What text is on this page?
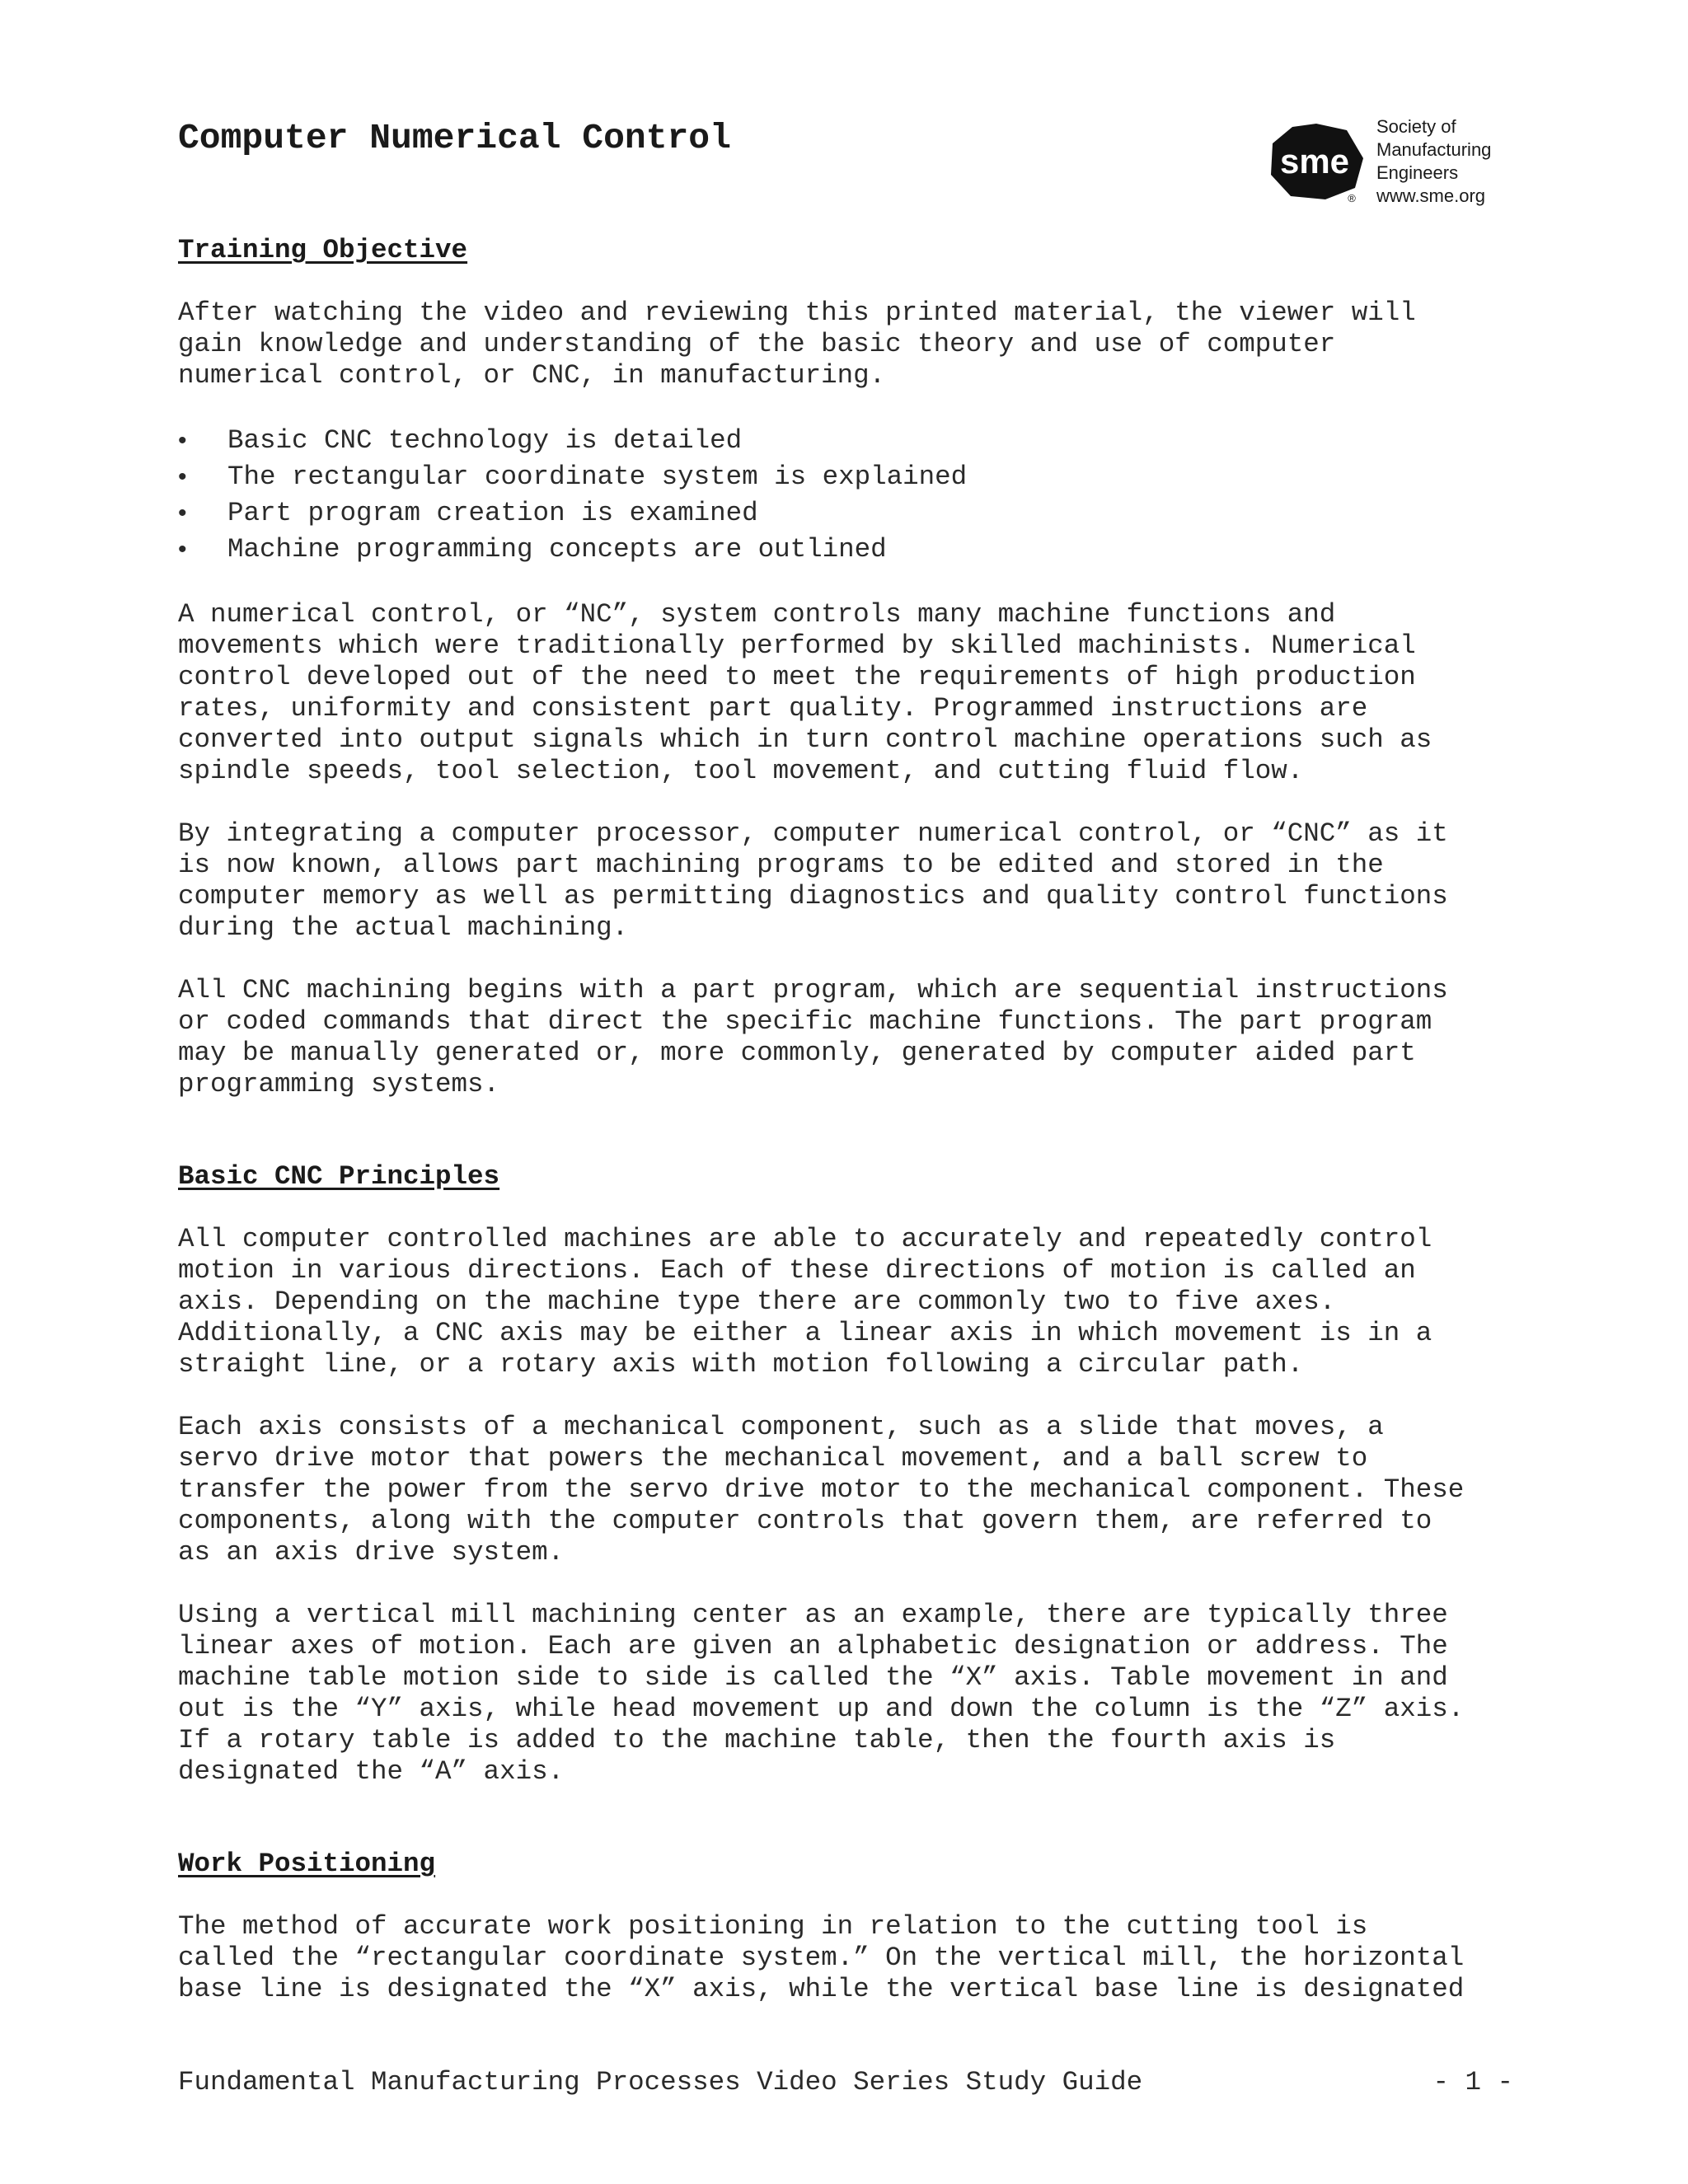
Computer Numerical Control
sme
®
Society of
Manufacturing
Engineers
www.sme.org
Training Objective

After watching the video and reviewing this printed material, the viewer will
gain knowledge and understanding of the basic theory and use of computer
numerical control, or CNC, in manufacturing.

• Basic CNC technology is detailed
• The rectangular coordinate system is explained
• Part program creation is examined
• Machine programming concepts are outlined

A numerical control, or “NC”, system controls many machine functions and
movements which were traditionally performed by skilled machinists. Numerical
control developed out of the need to meet the requirements of high production
rates, uniformity and consistent part quality. Programmed instructions are
converted into output signals which in turn control machine operations such as
spindle speeds, tool selection, tool movement, and cutting fluid flow.

By integrating a computer processor, computer numerical control, or “CNC” as it
is now known, allows part machining programs to be edited and stored in the
computer memory as well as permitting diagnostics and quality control functions
during the actual machining.

All CNC machining begins with a part program, which are sequential instructions
or coded commands that direct the specific machine functions. The part program
may be manually generated or, more commonly, generated by computer aided part
programming systems.

Basic CNC Principles

All computer controlled machines are able to accurately and repeatedly control
motion in various directions. Each of these directions of motion is called an
axis. Depending on the machine type there are commonly two to five axes.
Additionally, a CNC axis may be either a linear axis in which movement is in a
straight line, or a rotary axis with motion following a circular path.

Each axis consists of a mechanical component, such as a slide that moves, a
servo drive motor that powers the mechanical movement, and a ball screw to
transfer the power from the servo drive motor to the mechanical component. These
components, along with the computer controls that govern them, are referred to
as an axis drive system.

Using a vertical mill machining center as an example, there are typically three
linear axes of motion. Each are given an alphabetic designation or address. The
machine table motion side to side is called the “X” axis. Table movement in and
out is the “Y” axis, while head movement up and down the column is the “Z” axis.
If a rotary table is added to the machine table, then the fourth axis is
designated the “A” axis.

Work Positioning

The method of accurate work positioning in relation to the cutting tool is
called the “rectangular coordinate system.” On the vertical mill, the horizontal
base line is designated the “X” axis, while the vertical base line is designated

Fundamental Manufacturing Processes Video Series Study Guide	- 1 -
